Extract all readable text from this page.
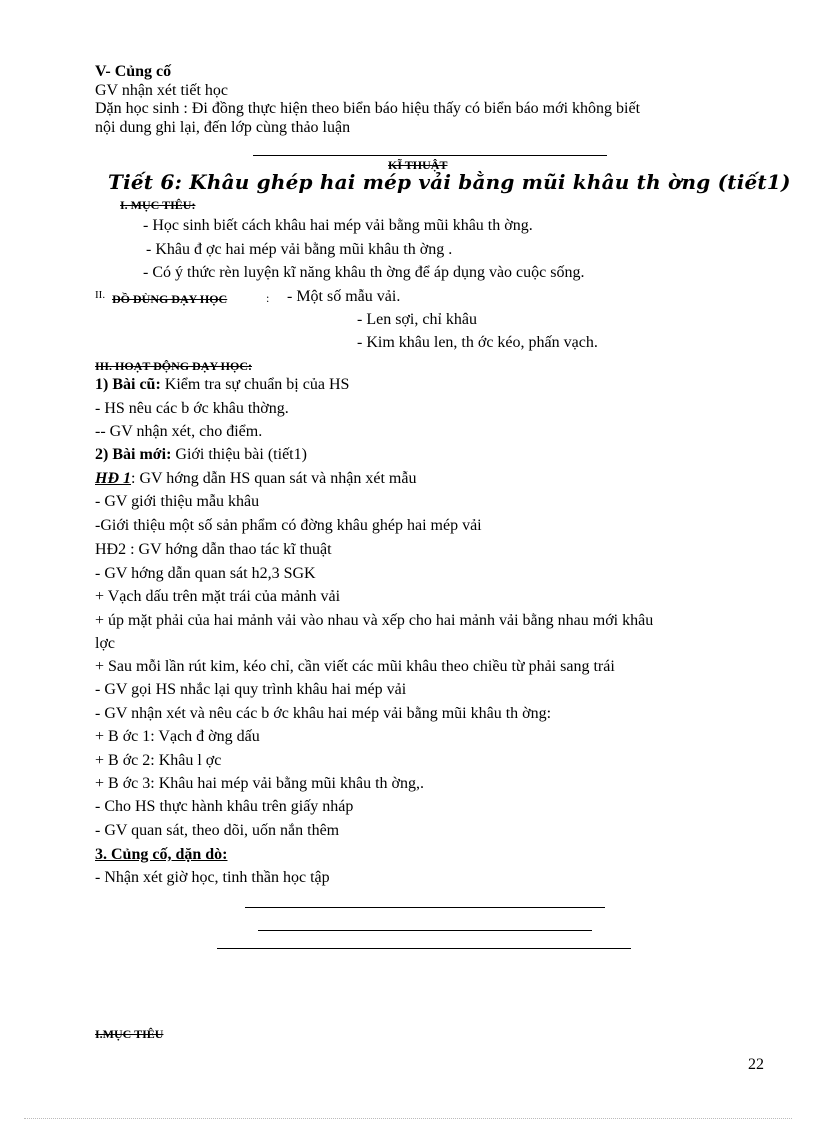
V- Củng cố
GV nhận xét tiết học
Dặn học sinh : Đi đồng thực hiện theo biển báo hiệu thấy có biển báo mới không biết
nội dung ghi lại, đến lớp cùng thảo luận
KĨ THUẬT
Tiết 6: Khâu ghép hai mép vải bằng mũi khâu th ờng (tiết1)
I. MỤC TIÊU:
- Học sinh biết cách khâu hai mép vải bằng mũi khâu th ờng.
- Khâu đ ợc hai mép vải bằng mũi khâu th ờng .
- Có ý thức rèn luyện kĩ năng khâu th ờng để áp dụng vào cuộc sống.
II. ĐỒ DÙNG DẠY HỌC	: - Một số mẫu vải.
- Len sợi, chỉ khâu
- Kim khâu len, th ớc kéo, phấn vạch.
III. HOẠT ĐỘNG DẠY HỌC:
1) Bài cũ: Kiểm tra sự chuẩn bị của HS
- HS nêu các b ớc khâu thờng.
-- GV nhận xét, cho điểm.
2) Bài mới: Giới thiệu bài (tiết1)
HĐ 1: GV hớng dẫn HS quan sát và nhận xét mẫu
- GV giới thiệu mẫu khâu
-Giới thiệu một số sản phẩm có đờng khâu ghép hai mép vải
HĐ2 : GV hớng dẫn thao tác kĩ thuật
- GV hớng dẫn quan sát h2,3 SGK
+ Vạch dấu trên mặt trái của mảnh vải
+ úp mặt phải của hai mảnh vải vào nhau và xếp cho hai mảnh vải bằng nhau mới khâu
lợc
+ Sau mỗi lần rút kim, kéo chỉ, cần viết các mũi khâu theo chiều từ phải sang trái
- GV gọi HS nhắc lại quy trình khâu hai mép vải
- GV nhận xét và nêu các b ớc khâu hai mép vải bằng mũi khâu th ờng:
+ B ớc 1: Vạch đ ờng dấu
+ B ớc 2: Khâu l ợc
+ B ớc 3: Khâu hai mép vải bằng mũi khâu th ờng,.
- Cho HS thực hành khâu trên giấy nháp
- GV quan sát, theo dõi, uốn nắn thêm
3. Củng cố, dặn dò:
- Nhận xét giờ học, tinh thần học tập
I.MỤC TIÊU
22
